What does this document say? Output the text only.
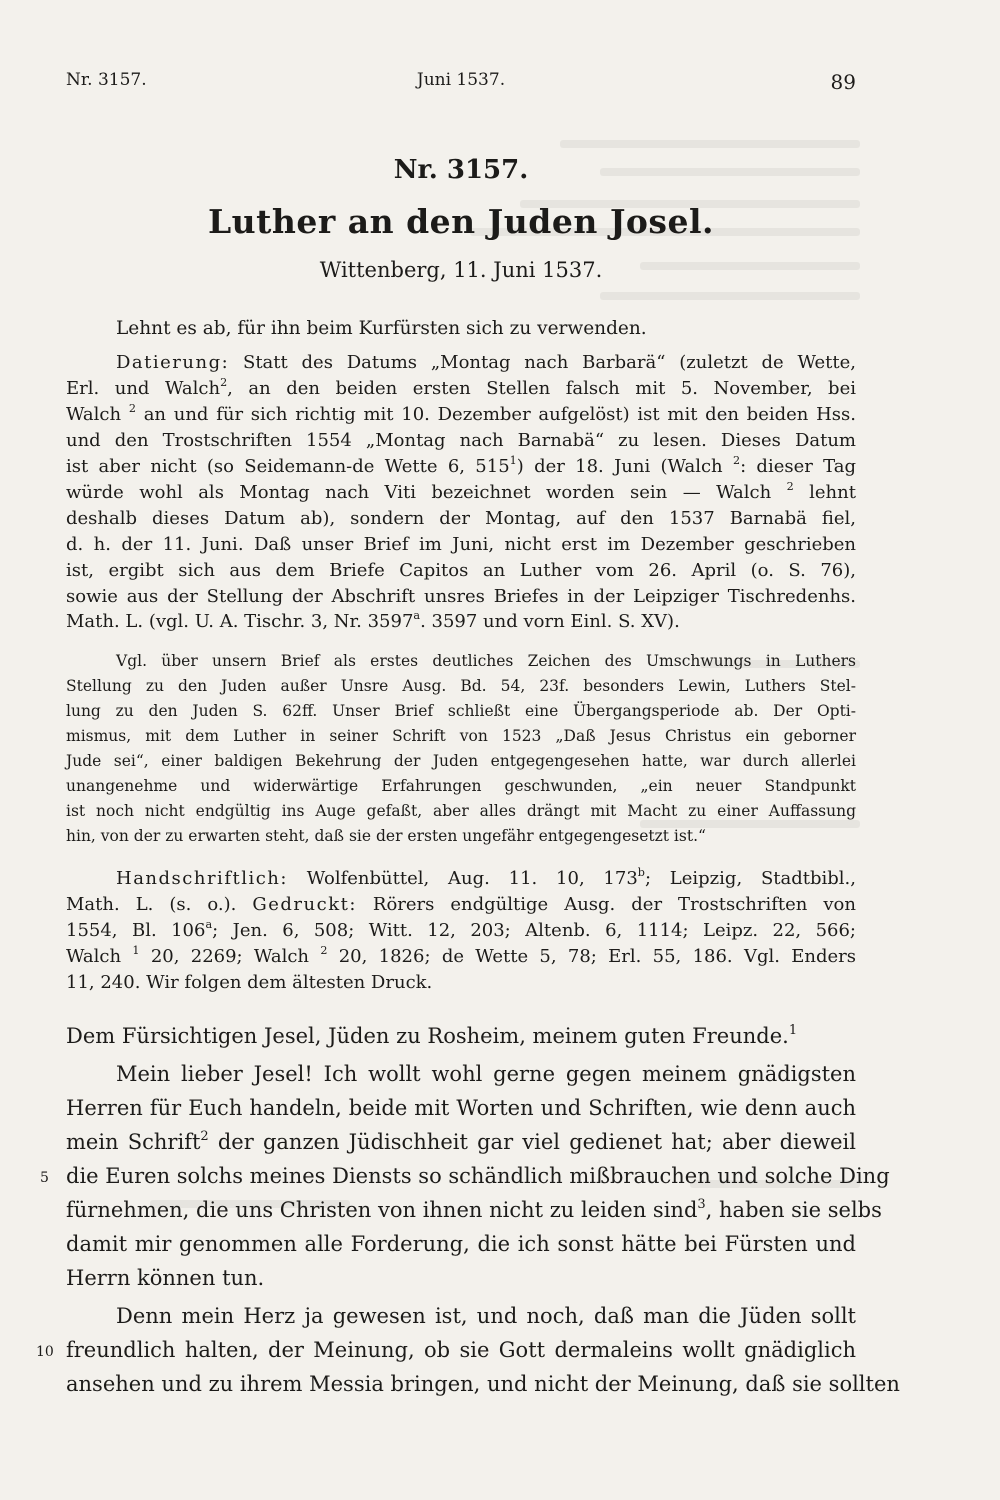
Nr. 3157.	Juni 1537.	89
Nr. 3157.
Luther an den Juden Josel.
Wittenberg, 11. Juni 1537.
Lehnt es ab, für ihn beim Kurfürsten sich zu verwenden.
Datierung: Statt des Datums „Montag nach Barbarä“ (zuletzt de Wette,
Erl. und Walch$^2$, an den beiden ersten Stellen falsch mit 5. November, bei
Walch $^2$ an und für sich richtig mit 10. Dezember aufgelöst) ist mit den beiden Hss.
und den Trostschriften 1554 „Montag nach Barnabä“ zu lesen. Dieses Datum
ist aber nicht (so Seidemann-de Wette 6, $515^1$) der 18. Juni (Walch $^2$: dieser Tag
würde wohl als Montag nach Viti bezeichnet worden sein — Walch $^2$ lehnt
deshalb dieses Datum ab), sondern der Montag, auf den 1537 Barnabä fiel,
d. h. der 11. Juni. Daß unser Brief im Juni, nicht erst im Dezember geschrieben
ist, ergibt sich aus dem Briefe Capitos an Luther vom 26. April (o. S. 76),
sowie aus der Stellung der Abschrift unsres Briefes in der Leipziger Tischredenhs.
Math. L. (vgl. U. A. Tischr. 3, Nr. 3597$^a$. 3597 und vorn Einl. S. XV).
Vgl. über unsern Brief als erstes deutliches Zeichen des Umschwungs in Luthers
Stellung zu den Juden außer Unsre Ausg. Bd. 54, 23f. besonders Lewin, Luthers Stel-
lung zu den Juden S. 62ff. Unser Brief schließt eine Übergangsperiode ab. Der Opti-
mismus, mit dem Luther in seiner Schrift von 1523 „Daß Jesus Christus ein geborner
Jude sei“, einer baldigen Bekehrung der Juden entgegengesehen hatte, war durch allerlei
unangenehme und widerwärtige Erfahrungen geschwunden, „ein neuer Standpunkt
ist noch nicht endgültig ins Auge gefaßt, aber alles drängt mit Macht zu einer Auffassung
hin, von der zu erwarten steht, daß sie der ersten ungefähr entgegengesetzt ist.“
Handschriftlich: Wolfenbüttel, Aug. 11. 10, 173$^b$; Leipzig, Stadtbibl.,
Math. L. (s. o.). Gedruckt: Rörers endgültige Ausg. der Trostschriften von
1554, Bl. 106$^a$; Jen. 6, 508; Witt. 12, 203; Altenb. 6, 1114; Leipz. 22, 566;
Walch $^1$ 20, 2269; Walch $^2$ 20, 1826; de Wette 5, 78; Erl. 55, 186. Vgl. Enders
11, 240. Wir folgen dem ältesten Druck.
Dem Fürsichtigen Jesel, Jüden zu Rosheim, meinem guten Freunde.$^1$
Mein lieber Jesel! Ich wollt wohl gerne gegen meinem gnädigsten
Herren für Euch handeln, beide mit Worten und Schriften, wie denn auch
mein Schrift$^2$ der ganzen Jüdischheit gar viel gedienet hat; aber dieweil
die Euren solchs meines Diensts so schändlich mißbrauchen und solche Ding
fürnehmen, die uns Christen von ihnen nicht zu leiden sind$^3$, haben sie selbs
damit mir genommen alle Forderung, die ich sonst hätte bei Fürsten und
Herrn können tun.
Denn mein Herz ja gewesen ist, und noch, daß man die Jüden sollt
freundlich halten, der Meinung, ob sie Gott dermaleins wollt gnädiglich
ansehen und zu ihrem Messia bringen, und nicht der Meinung, daß sie sollten
5
10
